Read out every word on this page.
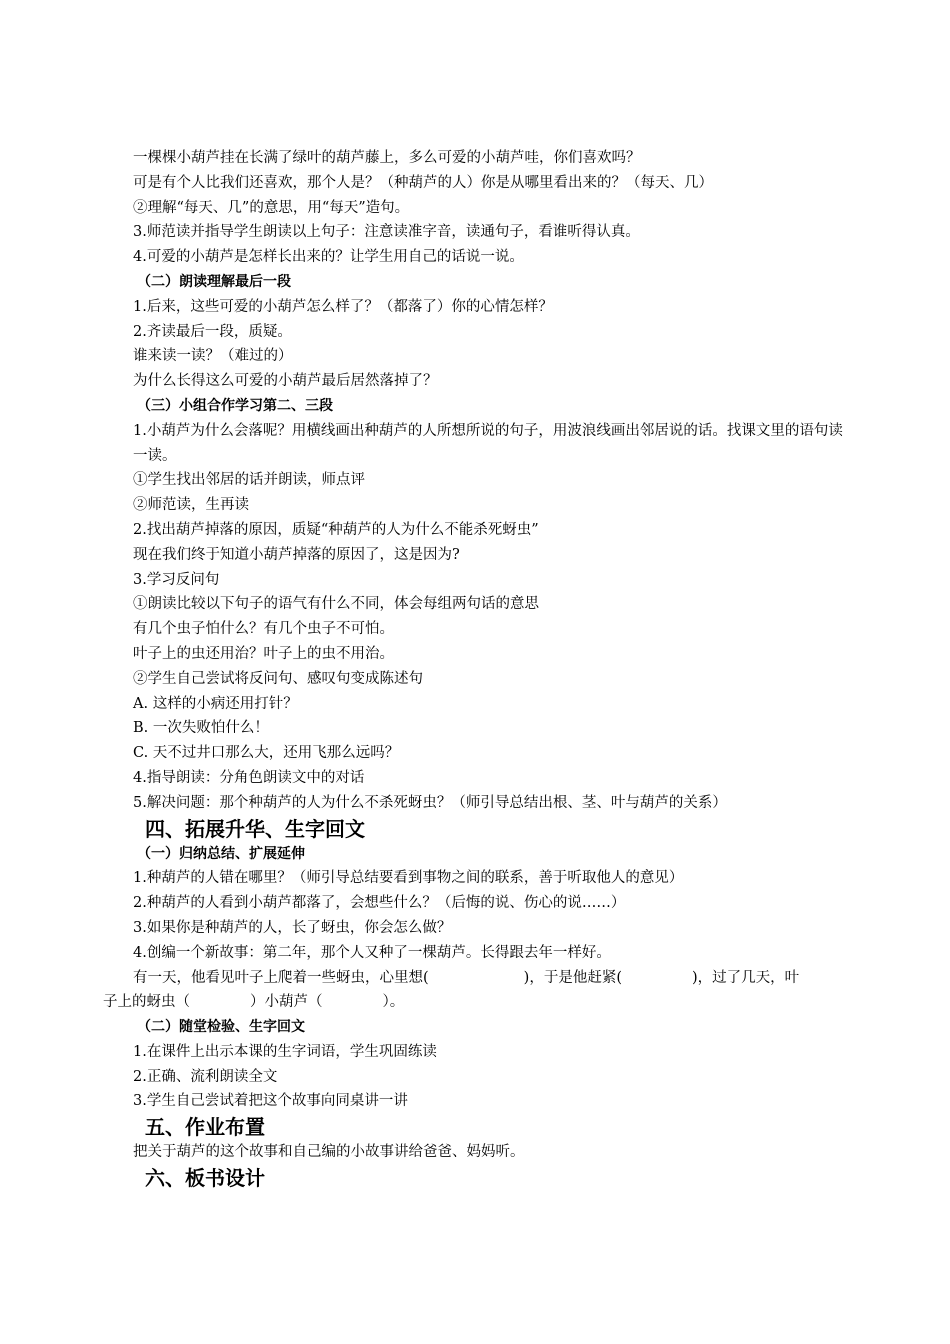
一棵棵小葫芦挂在长满了绿叶的葫芦藤上，多么可爱的小葫芦哇，你们喜欢吗？
可是有个人比我们还喜欢，那个人是？（种葫芦的人）你是从哪里看出来的？（每天、几）
②理解“每天、几”的意思，用“每天”造句。
3.师范读并指导学生朗读以上句子：注意读准字音，读通句子，看谁听得认真。
4.可爱的小葫芦是怎样长出来的？让学生用自己的话说一说。
（二）朗读理解最后一段
1.后来，这些可爱的小葫芦怎么样了？（都落了）你的心情怎样？
2.齐读最后一段，质疑。
谁来读一读？（难过的）
为什么长得这么可爱的小葫芦最后居然落掉了？
（三）小组合作学习第二、三段
1.小葫芦为什么会落呢？用横线画出种葫芦的人所想所说的句子，用波浪线画出邻居说的话。找课文里的语句读一读。
①学生找出邻居的话并朗读，师点评
②师范读，生再读
2.找出葫芦掉落的原因，质疑“种葫芦的人为什么不能杀死蚜虫”
现在我们终于知道小葫芦掉落的原因了，这是因为?
3.学习反问句
①朗读比较以下句子的语气有什么不同，体会每组两句话的意思
有几个虫子怕什么？有几个虫子不可怕。
叶子上的虫还用治？叶子上的虫不用治。
②学生自己尝试将反问句、感叹句变成陈述句
A. 这样的小病还用打针？
B. 一次失败怕什么！
C. 天不过井口那么大，还用飞那么远吗？
4.指导朗读：分角色朗读文中的对话
5.解决问题：那个种葫芦的人为什么不杀死蚜虫？（师引导总结出根、茎、叶与葫芦的关系）
四、拓展升华、生字回文
（一）归纳总结、扩展延伸
1.种葫芦的人错在哪里？（师引导总结要看到事物之间的联系，善于听取他人的意见）
2.种葫芦的人看到小葫芦都落了，会想些什么？（后悔的说、伤心的说……）
3.如果你是种葫芦的人，长了蚜虫，你会怎么做？
4.创编一个新故事：第二年，那个人又种了一棵葫芦。长得跟去年一样好。
有一天，他看见叶子上爬着一些蚜虫，心里想(	)，于是他赶紧(	)，过了几天，叶
子上的蚜虫（	）小葫芦（	）。
（二）随堂检验、生字回文
1.在课件上出示本课的生字词语，学生巩固练读
2.正确、流利朗读全文
3.学生自己尝试着把这个故事向同桌讲一讲
五、作业布置
把关于葫芦的这个故事和自己编的小故事讲给爸爸、妈妈听。
六、板书设计
